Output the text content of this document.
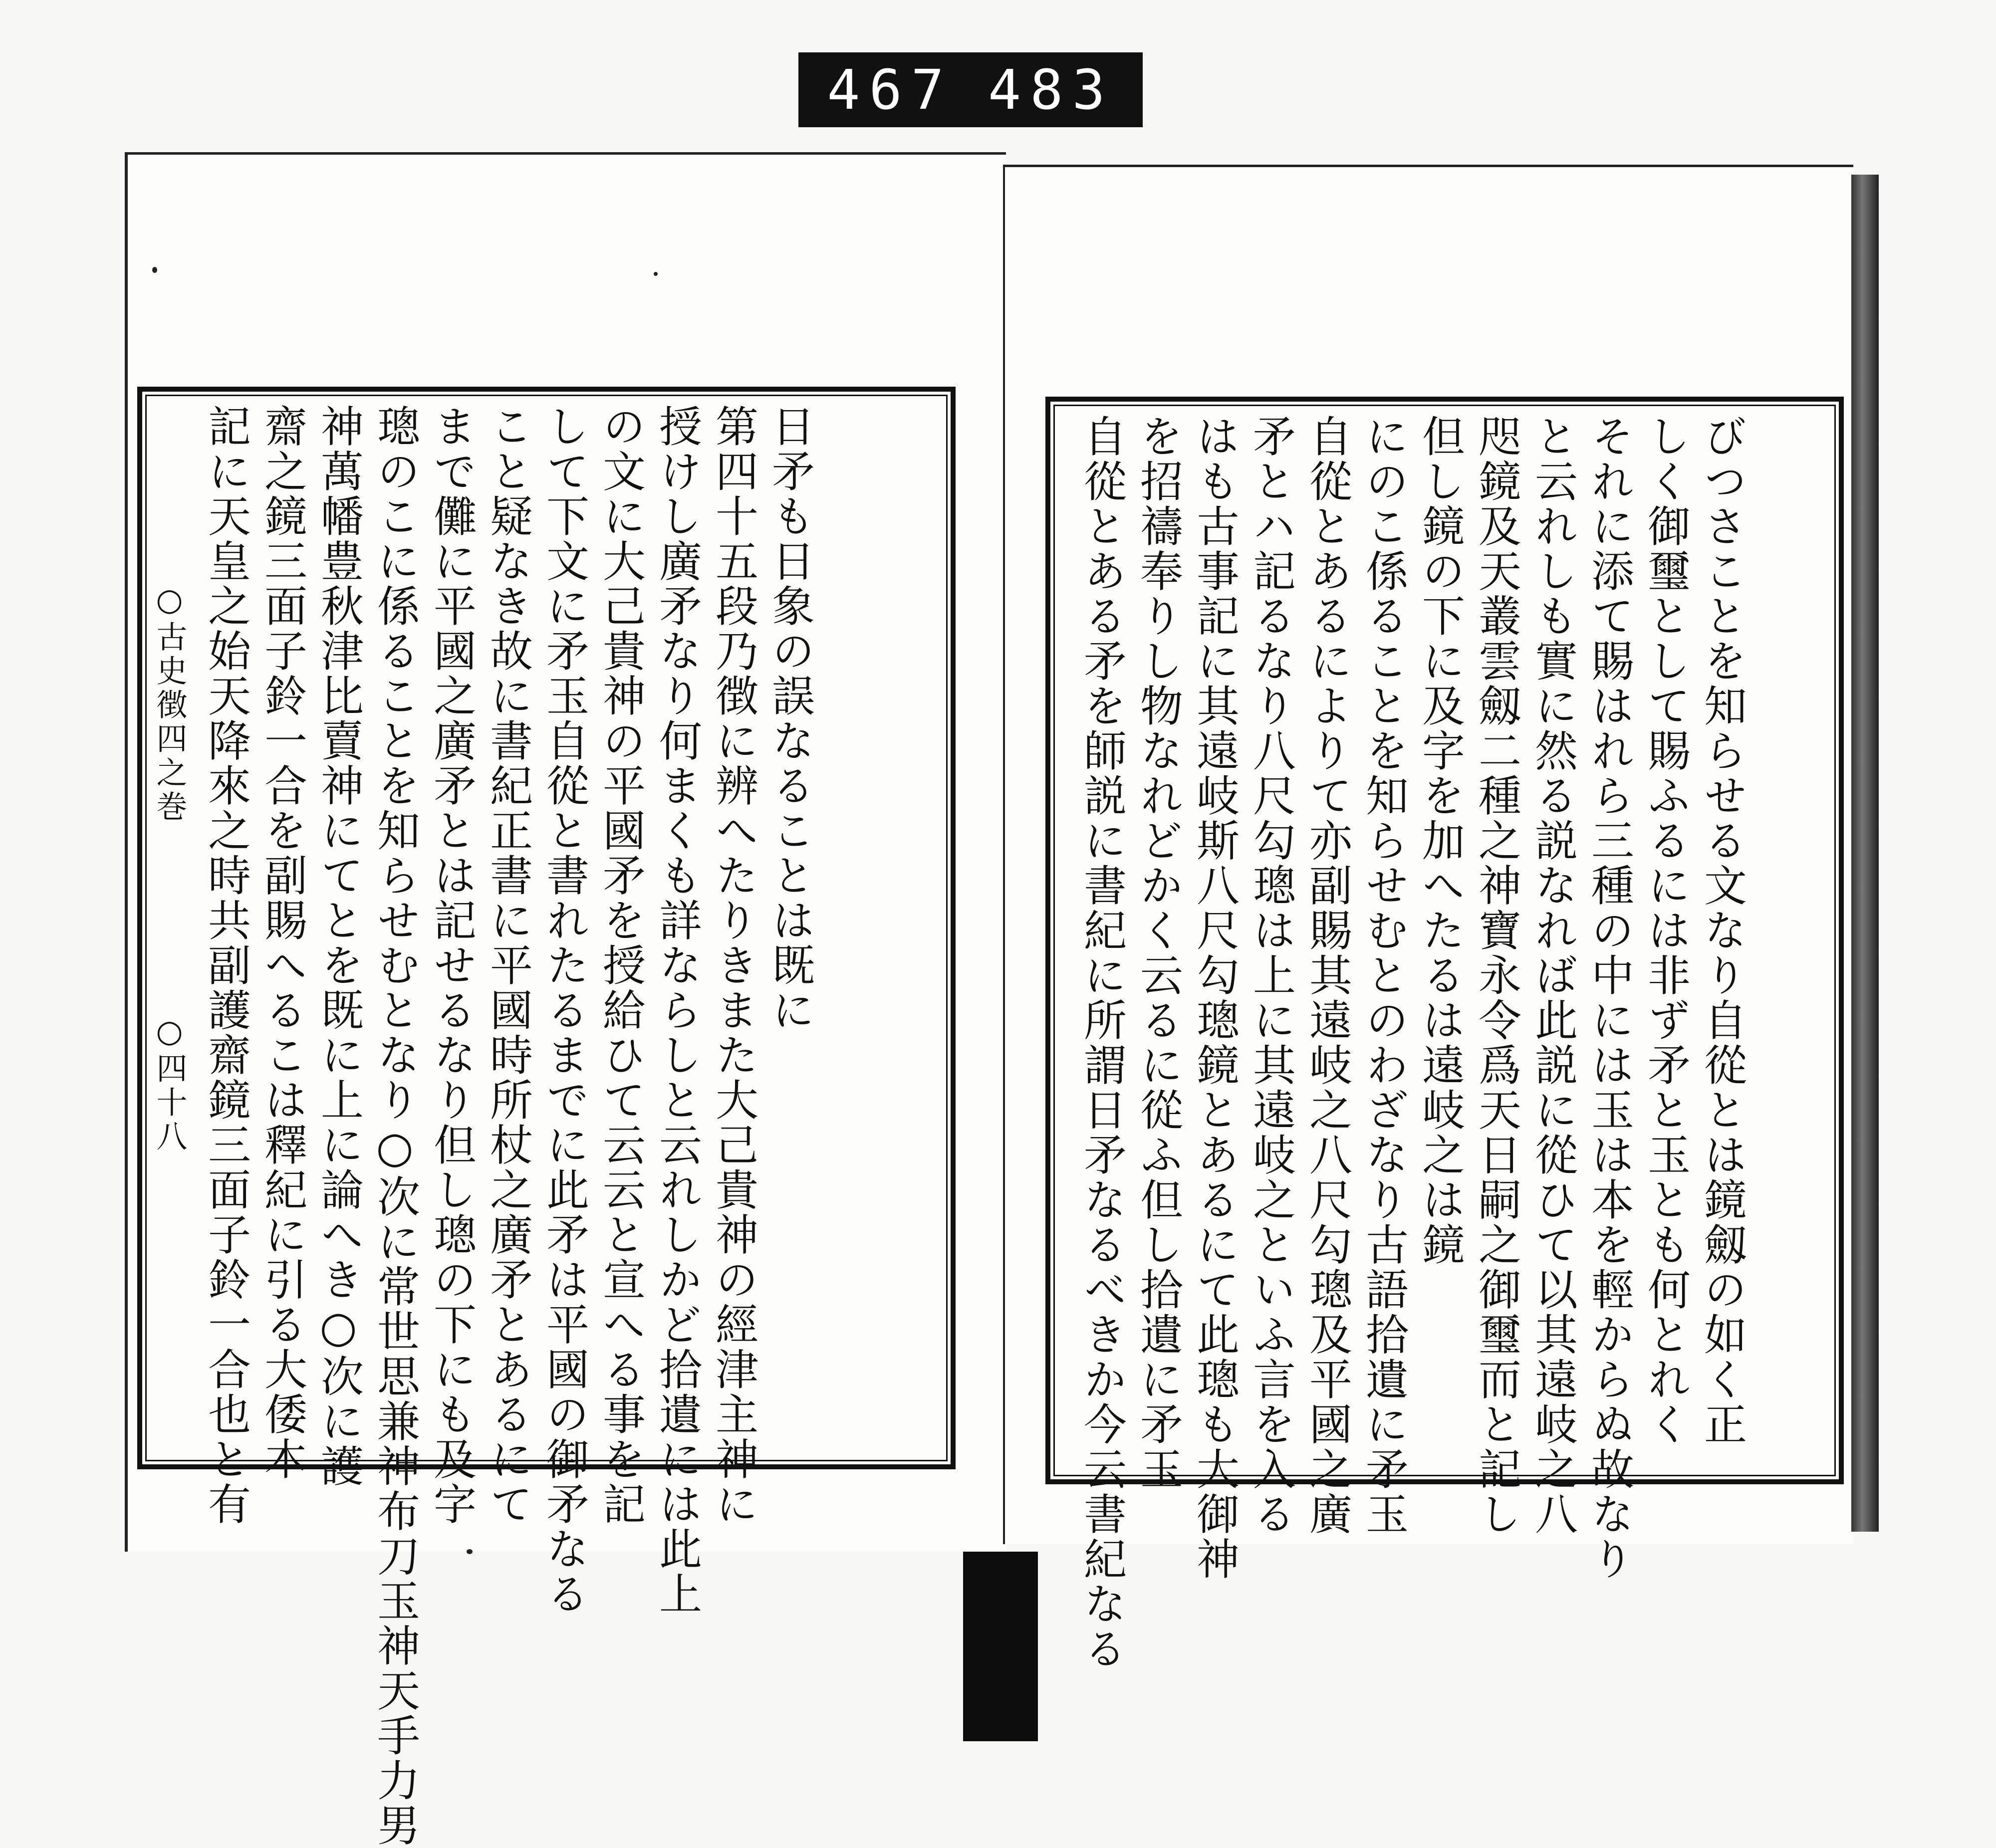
467 483
○古史徴四之巻
○四十八
日矛も日象の誤なることは既に
第四十五段乃徴に辨へたりきまた大己貴神の經津主神に
授けし廣矛なり何まくも詳ならしと云れしかど拾遺には此上
の文に大己貴神の平國矛を授給ひて云云と宣へる事を記
して下文に矛玉自從と書れたるまでに此矛は平國の御矛なる
こと疑なき故に書紀正書に平國時所杖之廣矛とあるにて
まで儺に平國之廣矛とは記せるなり但し璁の下にも及字
璁のこに係ることを知らせむとなり○次に常世思兼神布刀玉神天手力男
神萬幡豊秋津比賣神にてとを既に上に論へき○次に護
齋之鏡三面子鈴一合を副賜へるこは釋紀に引る大倭本
記に天皇之始天降來之時共副護齋鏡三面子鈴一合也と有	びつさことを知らせる文なり自從とは鏡劔の如く正
しく御璽として賜ふるには非ず矛と玉とも何とれく
それに添て賜はれら三種の中には玉は本を輕からぬ故なり
と云れしも實に然る説なれば此説に從ひて以其遠岐之八
咫鏡及天叢雲劔二種之神寶永令爲天日嗣之御璽而と記し
但し鏡の下に及字を加へたるは遠岐之は鏡
にのこ係ることを知らせむとのわざなり古語拾遺に矛玉
自從とあるによりて亦副賜其遠岐之八尺勾璁及平國之廣
矛とハ記るなり八尺勾璁は上に其遠岐之といふ言を入る
はも古事記に其遠岐斯八尺勾璁鏡とあるにて此璁も大御神
を招禱奉りし物なれどかく云るに從ふ但し拾遺に矛玉
自從とある矛を師説に書紀に所謂日矛なるべきか今云書紀なる
